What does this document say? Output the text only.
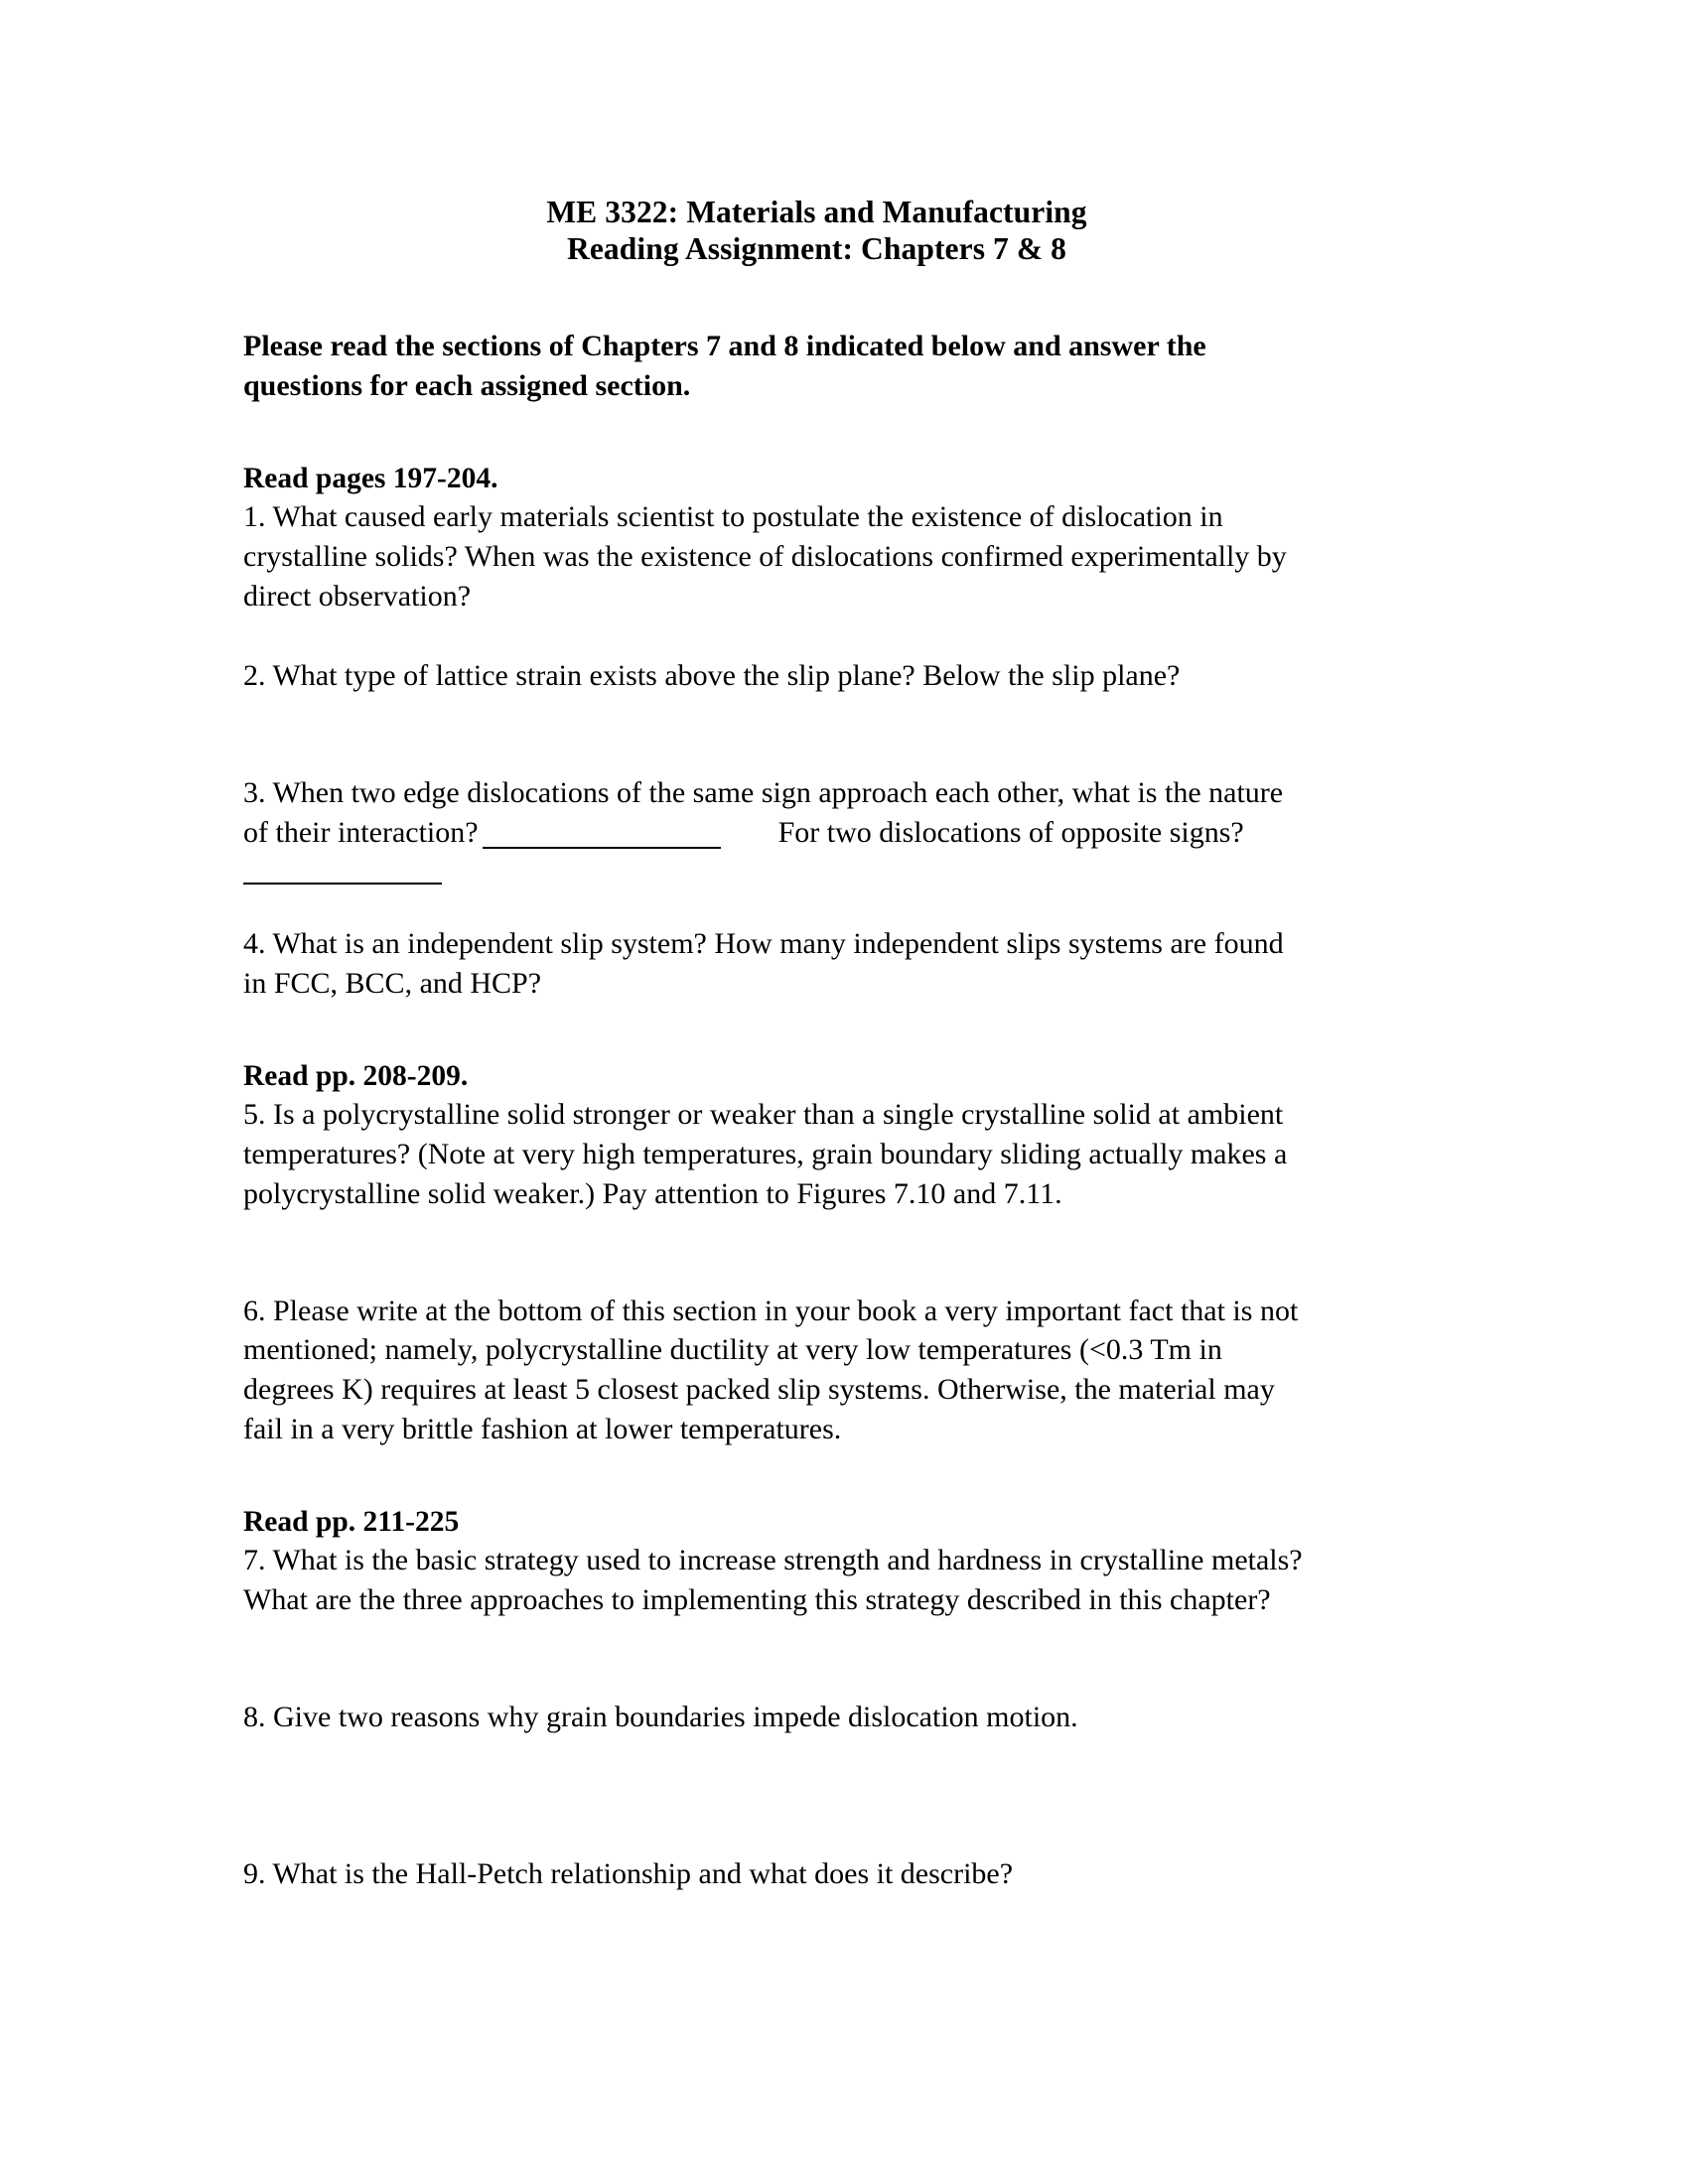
ME 3322: Materials and Manufacturing
Reading Assignment: Chapters 7 & 8

Please read the sections of Chapters 7 and 8 indicated below and answer the
questions for each assigned section.

Read pages 197-204.

1. What caused early materials scientist to postulate the existence of dislocation in
crystalline solids? When was the existence of dislocations confirmed experimentally by
direct observation?

2. What type of lattice strain exists above the slip plane? Below the slip plane?

3. When two edge dislocations of the same sign approach each other, what is the nature
of their interaction?	For two dislocations of opposite signs?

4. What is an independent slip system? How many independent slips systems are found
in FCC, BCC, and HCP?

Read pp. 208-209.

5. Is a polycrystalline solid stronger or weaker than a single crystalline solid at ambient
temperatures? (Note at very high temperatures, grain boundary sliding actually makes a
polycrystalline solid weaker.) Pay attention to Figures 7.10 and 7.11.

6. Please write at the bottom of this section in your book a very important fact that is not
mentioned; namely, polycrystalline ductility at very low temperatures (<0.3 Tm in
degrees K) requires at least 5 closest packed slip systems. Otherwise, the material may
fail in a very brittle fashion at lower temperatures.

Read pp. 211-225

7. What is the basic strategy used to increase strength and hardness in crystalline metals?
What are the three approaches to implementing this strategy described in this chapter?

8. Give two reasons why grain boundaries impede dislocation motion.

9. What is the Hall-Petch relationship and what does it describe?
